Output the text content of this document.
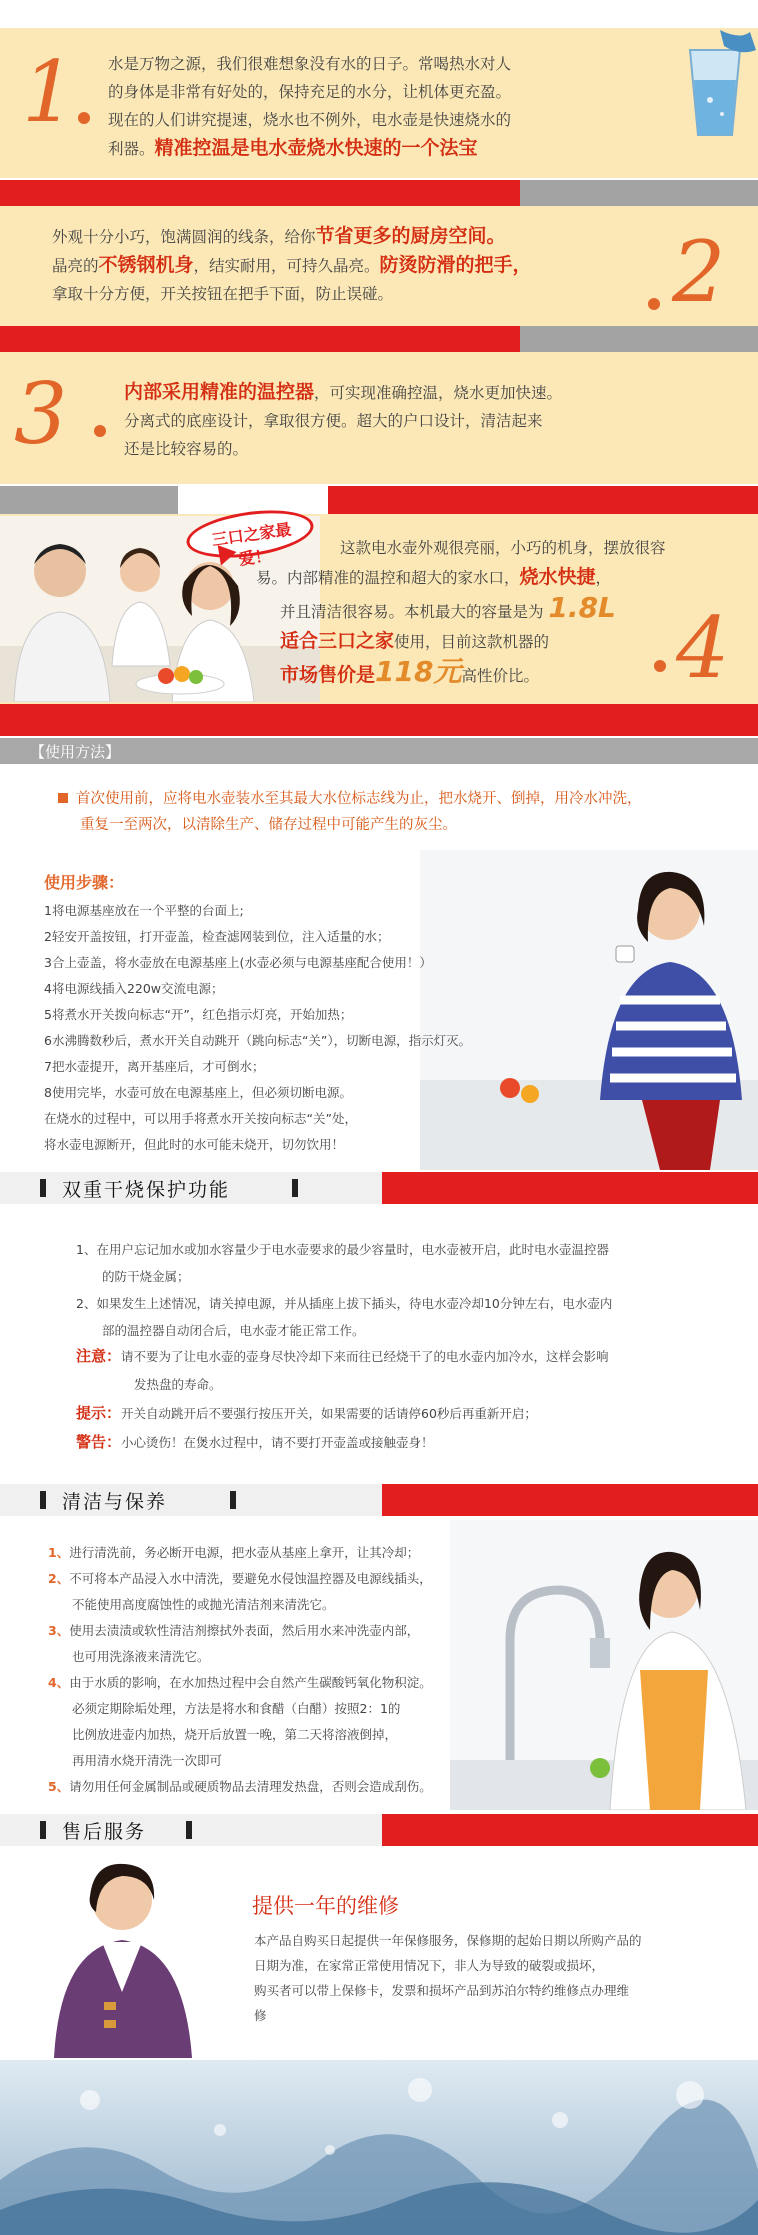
1 水是万物之源，我们很难想象没有水的日子。常喝热水对人
的身体是非常有好处的，保持充足的水分，让机体更充盈。
现在的人们讲究提速，烧水也不例外，电水壶是快速烧水的
利器。精准控温是电水壶烧水快速的一个法宝
外观十分小巧，饱满圆润的线条，给你节省更多的厨房空间。
晶亮的不锈钢机身，结实耐用，可持久晶亮。防烫防滑的把手，
拿取十分方便，开关按钮在把手下面，防止误碰。	2
3	内部采用精准的温控器，可实现准确控温，烧水更加快速。
分离式的底座设计，拿取很方便。超大的户口设计，清洁起来
还是比较容易的。
三口之家最爱！	这款电水壶外观很亮丽，小巧的机身，摆放很容
易。内部精准的温控和超大的家水口，烧水快捷，
并且清洁很容易。本机最大的容量是为 1.8L
适合三口之家使用，目前这款机器的
市场售价是118元高性价比。	4
【使用方法】
首次使用前，应将电水壶装水至其最大水位标志线为止，把水烧开、倒掉，用冷水冲洗，
重复一至两次，以清除生产、储存过程中可能产生的灰尘。
使用步骤：
1将电源基座放在一个平整的台面上;
2轻安开盖按钮，打开壶盖，检查滤网装到位，注入适量的水；
3合上壶盖，将水壶放在电源基座上(水壶必须与电源基座配合使用！）
4将电源线插入220w交流电源；
5将煮水开关拨向标志“开”，红色指示灯亮，开始加热；
6水沸腾数秒后，煮水开关自动跳开（跳向标志“关”），切断电源，指示灯灭。
7把水壶提开，离开基座后，才可倒水；
8使用完毕，水壶可放在电源基座上，但必须切断电源。
在烧水的过程中，可以用手将煮水开关按向标志“关”处，
将水壶电源断开，但此时的水可能未烧开，切勿饮用！
双重干烧保护功能
1、在用户忘记加水或加水容量少于电水壶要求的最少容量时，电水壶被开启，此时电水壶温控器
的防干烧金属；
2、如果发生上述情况，请关掉电源，并从插座上拔下插头，待电水壶冷却10分钟左右，电水壶内
部的温控器自动闭合后，电水壶才能正常工作。
注意：请不要为了让电水壶的壶身尽快冷却下来而往已经烧干了的电水壶内加冷水，这样会影响
发热盘的寿命。
提示：开关自动跳开后不要强行按压开关，如果需要的话请停60秒后再重新开启；
警告：小心烫伤！在煲水过程中，请不要打开壶盖或接触壶身！
清洁与保养
1、进行清洗前，务必断开电源，把水壶从基座上拿开，让其冷却；
2、不可将本产品浸入水中清洗，要避免水侵蚀温控器及电源线插头，
不能使用高度腐蚀性的或抛光清洁剂来清洗它。
3、使用去渍渍或软性清洁剂擦拭外表面，然后用水来冲洗壶内部，
也可用洗涤液来清洗它。
4、由于水质的影响，在水加热过程中会自然产生碳酸钙氧化物积淀。
必须定期除垢处理，方法是将水和食醋（白醋）按照2：1的
比例放进壶内加热，烧开后放置一晚，第二天将溶液倒掉，
再用清水烧开清洗一次即可
5、请勿用任何金属制品或硬质物品去清理发热盘，否则会造成刮伤。
售后服务
提供一年的维修
本产品自购买日起提供一年保修服务，保修期的起始日期以所购产品的
日期为准，在家常正常使用情况下，非人为导致的破裂或损坏，
购买者可以带上保修卡，发票和损坏产品到苏泊尔特约维修点办理维
修
